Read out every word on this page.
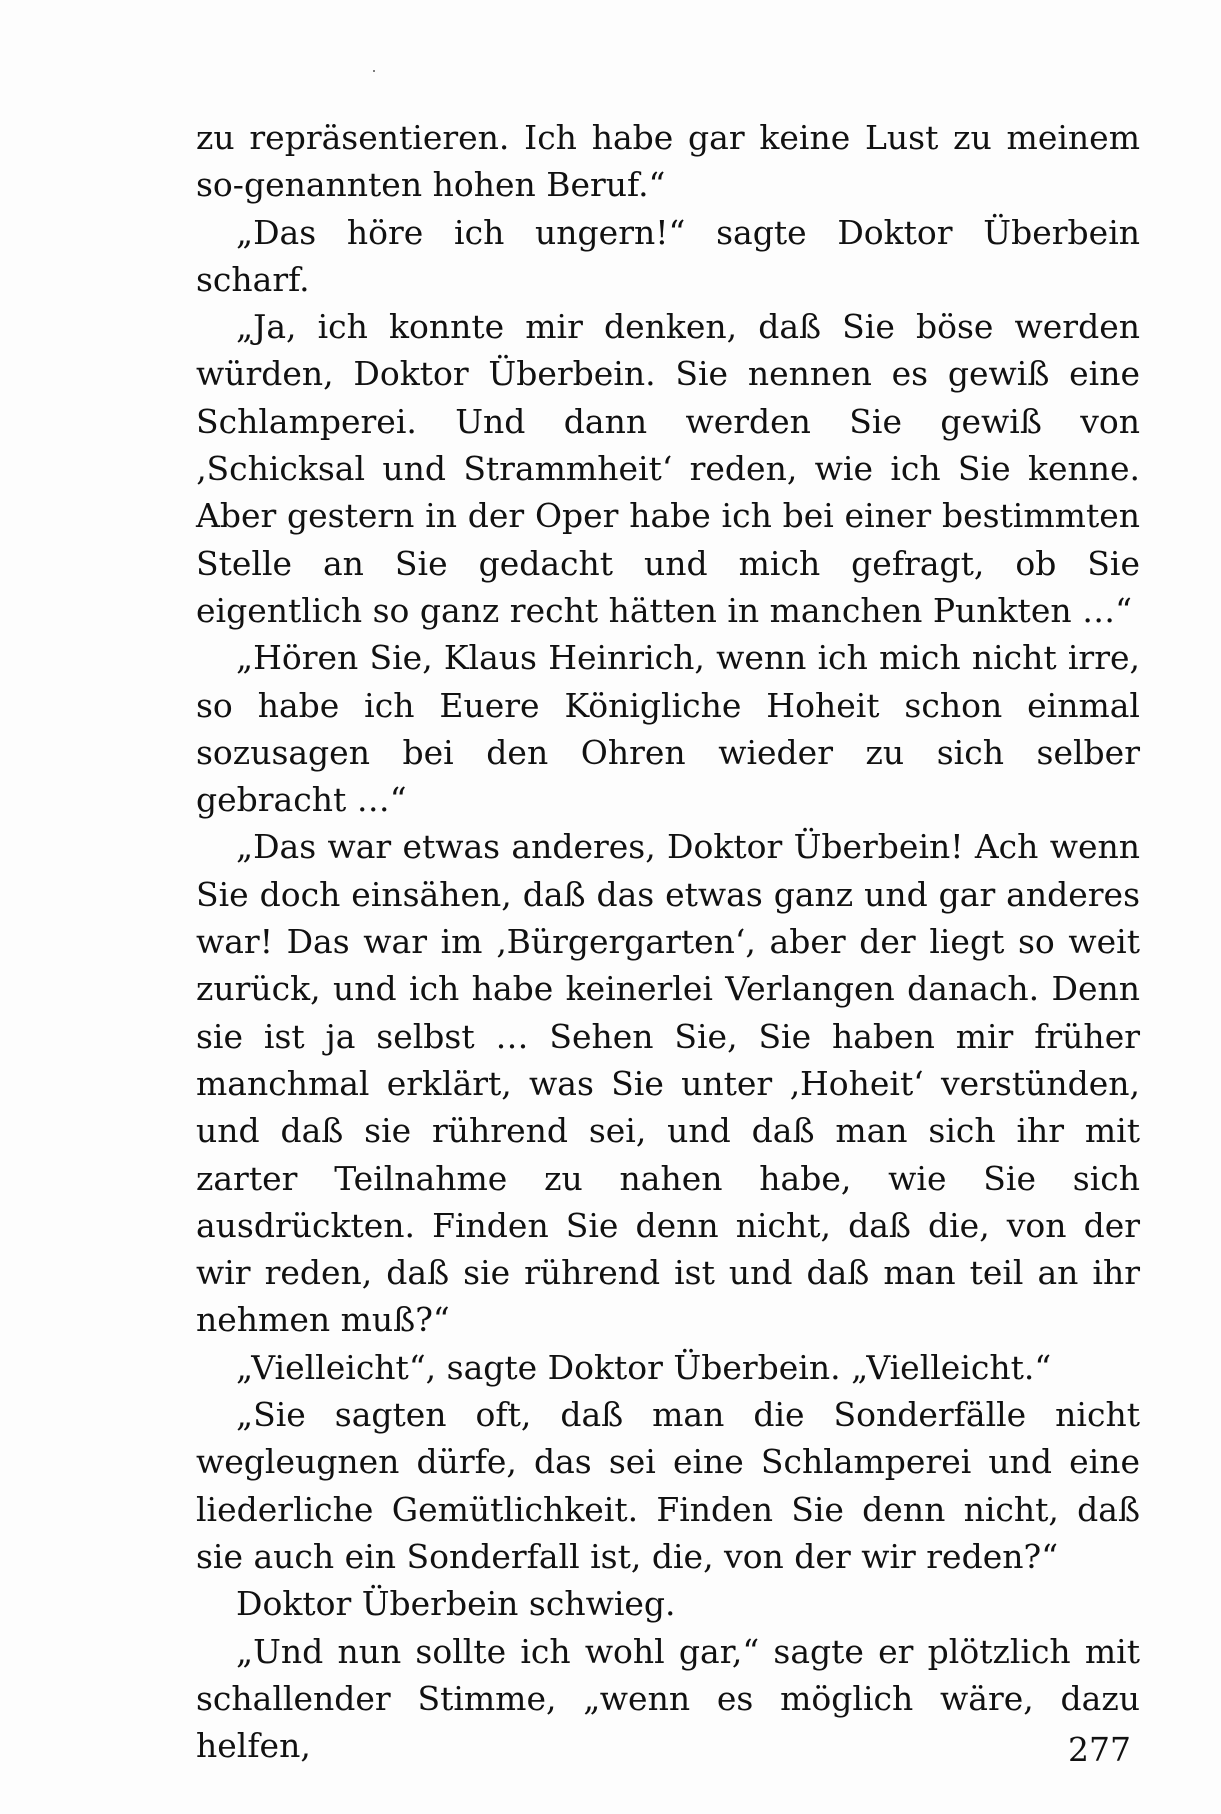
zu repräsentieren. Ich habe gar keine Lust zu meinem so-genannten hohen Beruf.“

„Das höre ich ungern!“ sagte Doktor Überbein scharf.

„Ja, ich konnte mir denken, daß Sie böse werden würden, Doktor Überbein. Sie nennen es gewiß eine Schlamperei. Und dann werden Sie gewiß von ‚Schicksal und Strammheit‘ reden, wie ich Sie kenne. Aber gestern in der Oper habe ich bei einer bestimmten Stelle an Sie gedacht und mich gefragt, ob Sie eigentlich so ganz recht hätten in manchen Punkten …“

„Hören Sie, Klaus Heinrich, wenn ich mich nicht irre, so habe ich Euere Königliche Hoheit schon einmal sozusagen bei den Ohren wieder zu sich selber gebracht …“

„Das war etwas anderes, Doktor Überbein! Ach wenn Sie doch einsähen, daß das etwas ganz und gar anderes war! Das war im ‚Bürgergarten‘, aber der liegt so weit zurück, und ich habe keinerlei Verlangen danach. Denn sie ist ja selbst … Sehen Sie, Sie haben mir früher manchmal erklärt, was Sie unter ‚Hoheit‘ verstünden, und daß sie rührend sei, und daß man sich ihr mit zarter Teilnahme zu nahen habe, wie Sie sich ausdrückten. Finden Sie denn nicht, daß die, von der wir reden, daß sie rührend ist und daß man teil an ihr nehmen muß?“

„Vielleicht“, sagte Doktor Überbein. „Vielleicht.“

„Sie sagten oft, daß man die Sonderfälle nicht wegleugnen dürfe, das sei eine Schlamperei und eine liederliche Gemütlichkeit. Finden Sie denn nicht, daß sie auch ein Sonderfall ist, die, von der wir reden?“

Doktor Überbein schwieg.

„Und nun sollte ich wohl gar,“ sagte er plötzlich mit schallender Stimme, „wenn es möglich wäre, dazu helfen,	277
